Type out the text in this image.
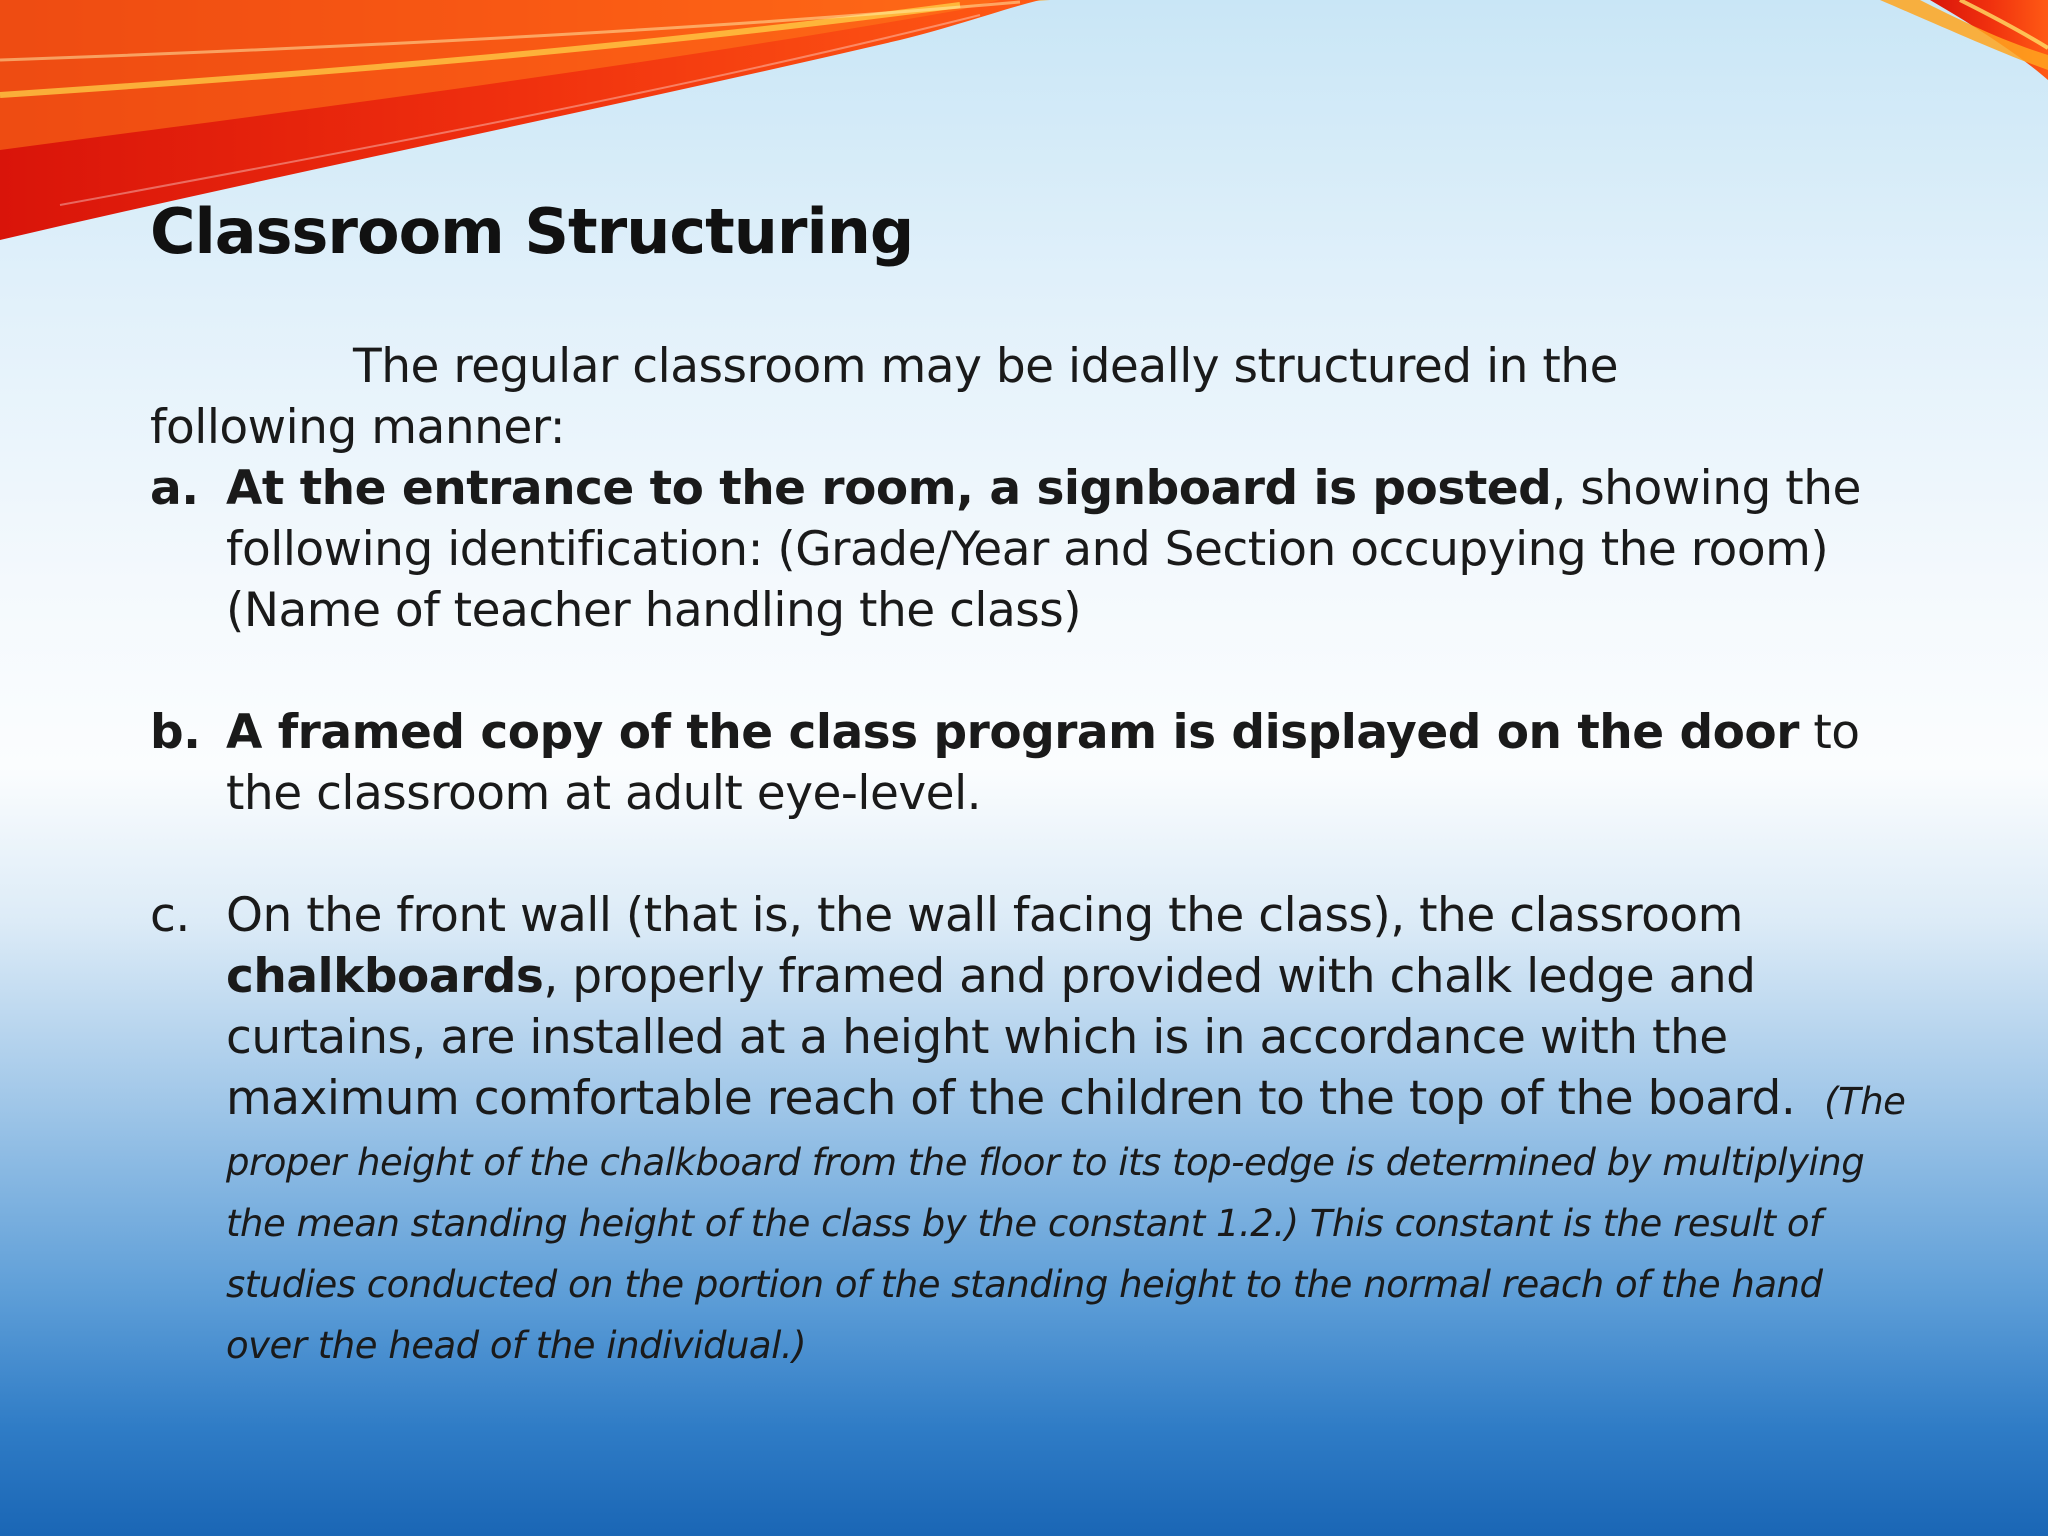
Classroom Structuring
The regular classroom may be ideally structured in the
following manner:
a. At the entrance to the room, a signboard is posted, showing the following identification: (Grade/Year and Section occupying the room) (Name of teacher handling the class)
b. A framed copy of the class program is displayed on the door to the classroom at adult eye-level.
c. On the front wall (that is, the wall facing the class), the classroom chalkboards, properly framed and provided with chalk ledge and curtains, are installed at a height which is in accordance with the maximum comfortable reach of the children to the top of the board. (The proper height of the chalkboard from the floor to its top-edge is determined by multiplying the mean standing height of the class by the constant 1.2.) This constant is the result of studies conducted on the portion of the standing height to the normal reach of the hand over the head of the individual.)
